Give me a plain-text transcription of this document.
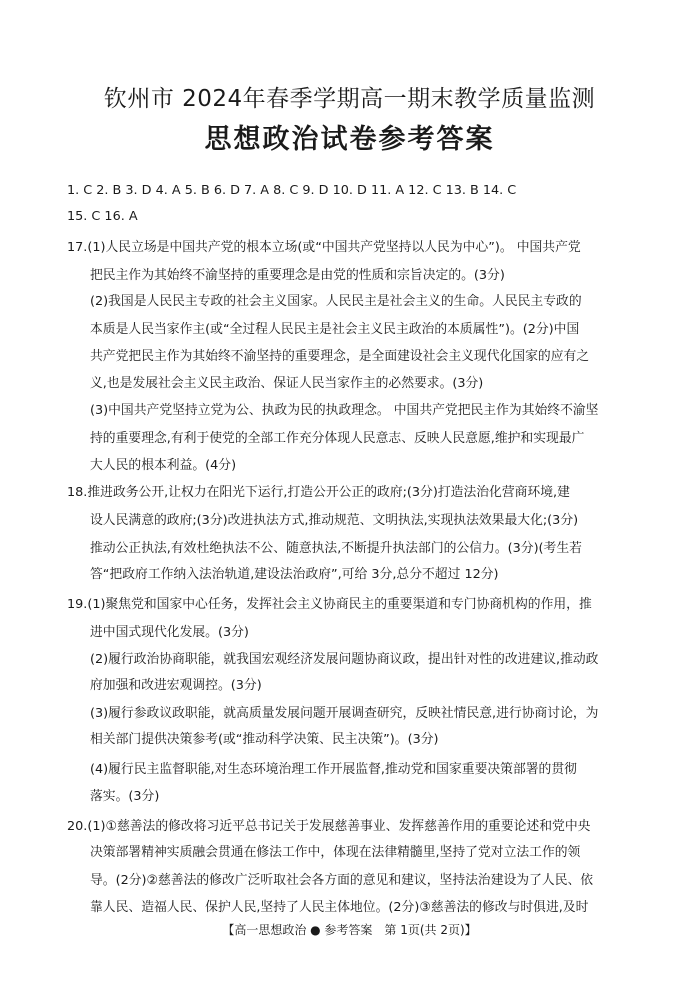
钦州市 2024年春季学期高一期末教学质量监测
思想政治试卷参考答案
1. C 2. B 3. D 4. A 5. B 6. D 7. A 8. C 9. D 10. D 11. A 12. C 13. B 14. C
15. C 16. A
17.(1)人民立场是中国共产党的根本立场(或“中国共产党坚持以人民为中心”)。 中国共产党
把民主作为其始终不渝坚持的重要理念是由党的性质和宗旨决定的。(3分)
(2)我国是人民民主专政的社会主义国家。人民民主是社会主义的生命。人民民主专政的
本质是人民当家作主(或“全过程人民民主是社会主义民主政治的本质属性”)。(2分)中国
共产党把民主作为其始终不渝坚持的重要理念，是全面建设社会主义现代化国家的应有之
义,也是发展社会主义民主政治、保证人民当家作主的必然要求。(3分)
(3)中国共产党坚持立党为公、执政为民的执政理念。 中国共产党把民主作为其始终不渝坚
持的重要理念,有利于使党的全部工作充分体现人民意志、反映人民意愿,维护和实现最广
大人民的根本利益。(4分)
18.推进政务公开,让权力在阳光下运行,打造公开公正的政府;(3分)打造法治化营商环境,建
设人民满意的政府;(3分)改进执法方式,推动规范、文明执法,实现执法效果最大化;(3分)
推动公正执法,有效杜绝执法不公、随意执法,不断提升执法部门的公信力。(3分)(考生若
答“把政府工作纳入法治轨道,建设法治政府”,可给 3分,总分不超过 12分)
19.(1)聚焦党和国家中心任务，发挥社会主义协商民主的重要渠道和专门协商机构的作用，推
进中国式现代化发展。(3分)
(2)履行政治协商职能，就我国宏观经济发展问题协商议政，提出针对性的改进建议,推动政
府加强和改进宏观调控。(3分)
(3)履行参政议政职能，就高质量发展问题开展调查研究，反映社情民意,进行协商讨论，为
相关部门提供决策参考(或“推动科学决策、民主决策”)。(3分)
(4)履行民主监督职能,对生态环境治理工作开展监督,推动党和国家重要决策部署的贯彻
落实。(3分)
20.(1)①慈善法的修改将习近平总书记关于发展慈善事业、发挥慈善作用的重要论述和党中央
决策部署精神实质融会贯通在修法工作中，体现在法律精髓里,坚持了党对立法工作的领
导。(2分)②慈善法的修改广泛听取社会各方面的意见和建议，坚持法治建设为了人民、依
靠人民、造福人民、保护人民,坚持了人民主体地位。(2分)③慈善法的修改与时俱进,及时
【高一思想政治 ● 参考答案　第 1页(共 2页)】
